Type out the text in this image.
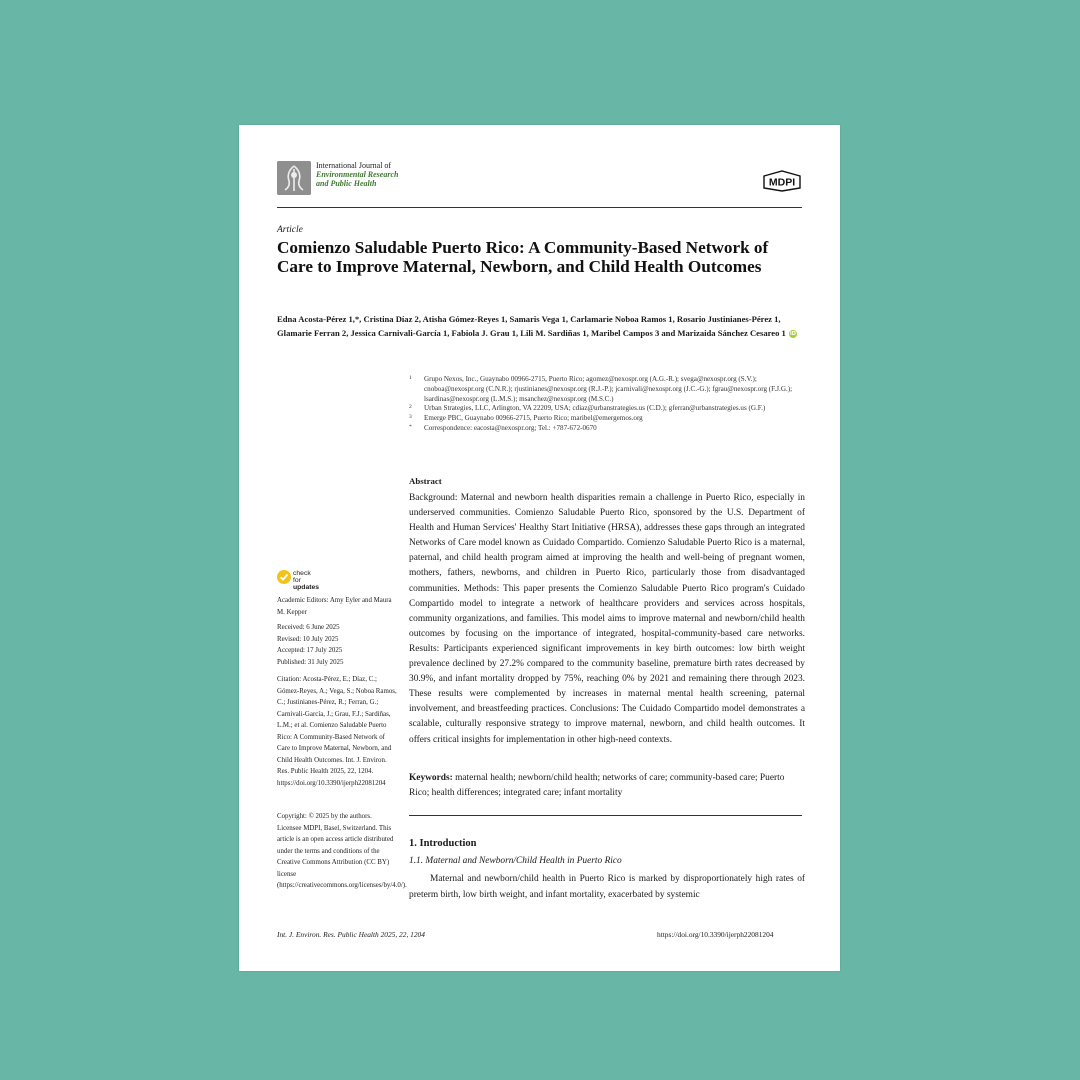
International Journal of
Environmental Research
and Public Health	MDPI
Article
Comienzo Saludable Puerto Rico: A Community-Based Network of Care to Improve Maternal, Newborn, and Child Health Outcomes
Edna Acosta-Pérez 1,*, Cristina Díaz 2, Atisha Gómez-Reyes 1, Samaris Vega 1, Carlamarie Noboa Ramos 1, Rosario Justinianes-Pérez 1, Glamarie Ferran 2, Jessica Carnivali-García 1, Fabiola J. Grau 1, Lili M. Sardiñas 1, Maribel Campos 3 and Marizaida Sánchez Cesareo 1 iD
1 Grupo Nexos, Inc., Guaynabo 00966-2715, Puerto Rico; agomez@nexospr.org (A.G.-R.); svega@nexospr.org (S.V.); cnoboa@nexospr.org (C.N.R.); rjustinianes@nexospr.org (R.J.-P.); jcarnivali@nexospr.org (J.C.-G.); fgrau@nexospr.org (F.J.G.); lsardinas@nexospr.org (L.M.S.); msanchez@nexospr.org (M.S.C.)
2 Urban Strategies, LLC, Arlington, VA 22209, USA; cdiaz@urbanstrategies.us (C.D.); gferran@urbanstrategies.us (G.F.)
3 Emerge PBC, Guaynabo 00966-2715, Puerto Rico; maribel@emergemos.org
* Correspondence: eacosta@nexospr.org; Tel.: +787-672-0670
Abstract
Background: Maternal and newborn health disparities remain a challenge in Puerto Rico, especially in underserved communities. Comienzo Saludable Puerto Rico, sponsored by the U.S. Department of Health and Human Services' Healthy Start Initiative (HRSA), addresses these gaps through an integrated Networks of Care model known as Cuidado Compartido. Comienzo Saludable Puerto Rico is a maternal, paternal, and child health program aimed at improving the health and well-being of pregnant women, mothers, fathers, newborns, and children in Puerto Rico, particularly those from disadvantaged communities. Methods: This paper presents the Comienzo Saludable Puerto Rico program's Cuidado Compartido model to integrate a network of healthcare providers and services across hospitals, community organizations, and families. This model aims to improve maternal and newborn/child health outcomes by focusing on the importance of integrated, hospital-community-based care networks. Results: Participants experienced significant improvements in key birth outcomes: low birth weight prevalence declined by 27.2% compared to the community baseline, premature birth rates decreased by 30.9%, and infant mortality dropped by 75%, reaching 0% by 2021 and remaining there through 2023. These results were complemented by increases in maternal mental health screening, paternal involvement, and breastfeeding practices. Conclusions: The Cuidado Compartido model demonstrates a scalable, culturally responsive strategy to improve maternal, newborn, and child health outcomes. It offers critical insights for implementation in other high-need contexts.
Keywords: maternal health; newborn/child health; networks of care; community-based care; Puerto Rico; health differences; integrated care; infant mortality
1. Introduction
1.1. Maternal and Newborn/Child Health in Puerto Rico
Maternal and newborn/child health in Puerto Rico is marked by disproportionately high rates of preterm birth, low birth weight, and infant mortality, exacerbated by systemic
check for
updates
Academic Editors: Amy Eyler and Maura M. Kepper
Received: 6 June 2025
Revised: 10 July 2025
Accepted: 17 July 2025
Published: 31 July 2025
Citation: Acosta-Pérez, E.; Díaz, C.; Gómez-Reyes, A.; Vega, S.; Noboa Ramos, C.; Justinianes-Pérez, R.; Ferran, G.; Carnivali-García, J.; Grau, F.J.; Sardiñas, L.M.; et al. Comienzo Saludable Puerto Rico: A Community-Based Network of Care to Improve Maternal, Newborn, and Child Health Outcomes. Int. J. Environ. Res. Public Health 2025, 22, 1204. https://doi.org/10.3390/ijerph22081204
Copyright: © 2025 by the authors. Licensee MDPI, Basel, Switzerland. This article is an open access article distributed under the terms and conditions of the Creative Commons Attribution (CC BY) license (https://creativecommons.org/licenses/by/4.0/).
Int. J. Environ. Res. Public Health 2025, 22, 1204	https://doi.org/10.3390/ijerph22081204
